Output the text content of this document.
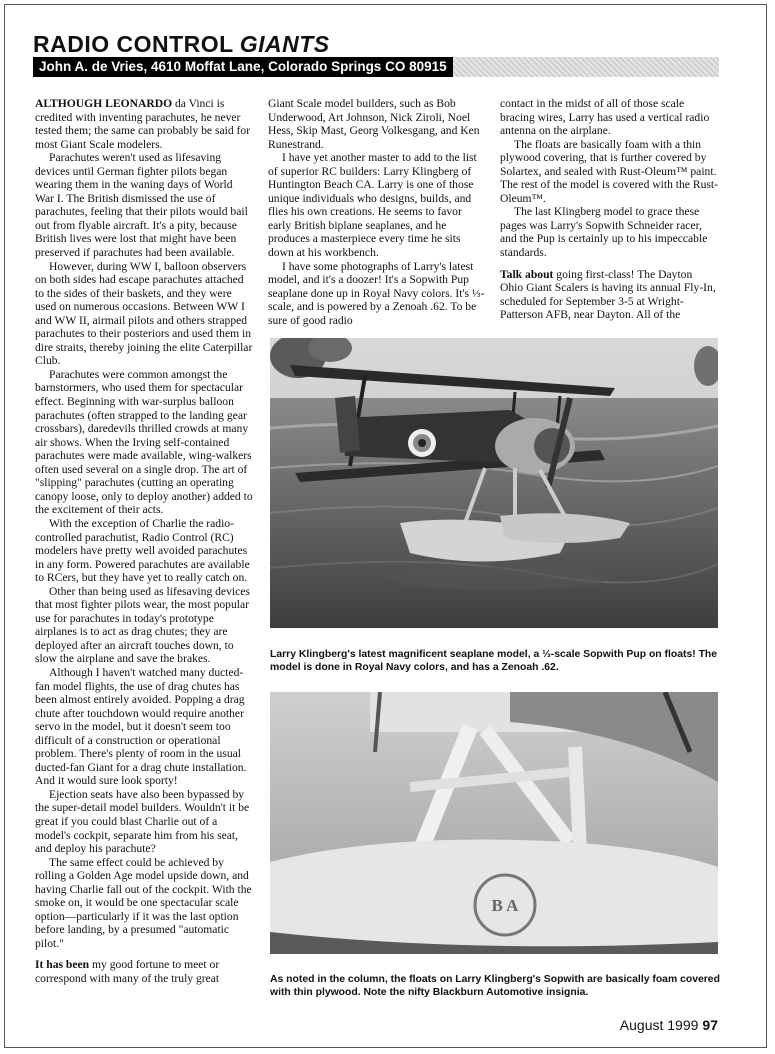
RADIO CONTROL GIANTS
John A. de Vries, 4610 Moffat Lane, Colorado Springs CO 80915

ALTHOUGH LEONARDO da Vinci is credited with inventing parachutes, he never tested them; the same can probably be said for most Giant Scale modelers.

Parachutes weren't used as lifesaving devices until German fighter pilots began wearing them in the waning days of World War I. The British dismissed the use of parachutes, feeling that their pilots would bail out from flyable aircraft. It's a pity, because British lives were lost that might have been preserved if parachutes had been available.

However, during WW I, balloon observers on both sides had escape parachutes attached to the sides of their baskets, and they were used on numerous occasions. Between WW I and WW II, airmail pilots and others strapped parachutes to their posteriors and used them in dire straits, thereby joining the elite Caterpillar Club.

Parachutes were common amongst the barnstormers, who used them for spectacular effect. Beginning with war-surplus balloon parachutes (often strapped to the landing gear crossbars), daredevils thrilled crowds at many air shows. When the Irving self-contained parachutes were made available, wing-walkers often used several on a single drop. The art of "slipping" parachutes (cutting an operating canopy loose, only to deploy another) added to the excitement of their acts.

With the exception of Charlie the radio-controlled parachutist, Radio Control (RC) modelers have pretty well avoided parachutes in any form. Powered parachutes are available to RCers, but they have yet to really catch on.

Other than being used as lifesaving devices that most fighter pilots wear, the most popular use for parachutes in today's prototype airplanes is to act as drag chutes; they are deployed after an aircraft touches down, to slow the airplane and save the brakes.

Although I haven't watched many ducted-fan model flights, the use of drag chutes has been almost entirely avoided. Popping a drag chute after touchdown would require another servo in the model, but it doesn't seem too difficult of a construction or operational problem. There's plenty of room in the usual ducted-fan Giant for a drag chute installation. And it would sure look sporty!

Ejection seats have also been bypassed by the super-detail model builders. Wouldn't it be great if you could blast Charlie out of a model's cockpit, separate him from his seat, and deploy his parachute?

The same effect could be achieved by rolling a Golden Age model upside down, and having Charlie fall out of the cockpit. With the smoke on, it would be one spectacular scale option—particularly if it was the last option before landing, by a presumed "automatic pilot."

It has been my good fortune to meet or correspond with many of the truly great

Giant Scale model builders, such as Bob Underwood, Art Johnson, Nick Ziroli, Noel Hess, Skip Mast, Georg Volkesgang, and Ken Runestrand.

I have yet another master to add to the list of superior RC builders: Larry Klingberg of Huntington Beach CA. Larry is one of those unique individuals who designs, builds, and flies his own creations. He seems to favor early British biplane seaplanes, and he produces a masterpiece every time he sits down at his workbench.

I have some photographs of Larry's latest model, and it's a doozer! It's a Sopwith Pup seaplane done up in Royal Navy colors. It's ⅓-scale, and is powered by a Zenoah .62. To be sure of good radio

contact in the midst of all of those scale bracing wires, Larry has used a vertical radio antenna on the airplane.

The floats are basically foam with a thin plywood covering, that is further covered by Solartex, and sealed with Rust-Oleum™ paint. The rest of the model is covered with the Rust-Oleum™.

The last Klingberg model to grace these pages was Larry's Sopwith Schneider racer, and the Pup is certainly up to his impeccable standards.

Talk about going first-class! The Dayton Ohio Giant Scalers is having its annual Fly-In, scheduled for September 3-5 at Wright-Patterson AFB, near Dayton. All of the

Larry Klingberg's latest magnificent seaplane model, a ⅓-scale Sopwith Pup on floats! The model is done in Royal Navy colors, and has a Zenoah .62.
B A
As noted in the column, the floats on Larry Klingberg's Sopwith are basically foam covered with thin plywood. Note the nifty Blackburn Automotive insignia.
August 1999 97
